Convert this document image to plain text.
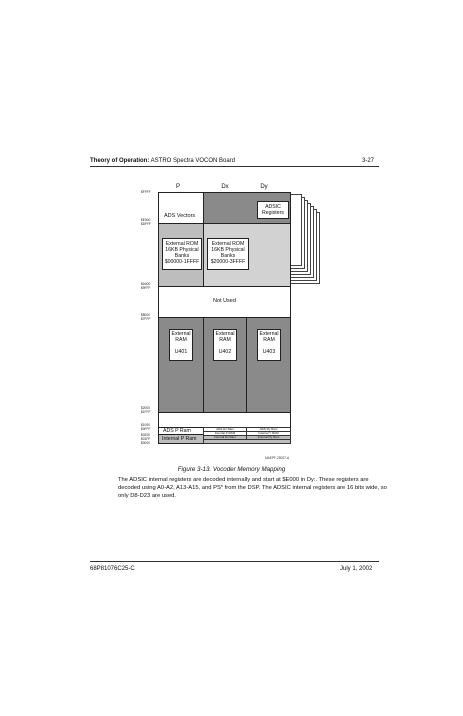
Theory of Operation: ASTRO Spectra VOCON Board	3-27
P	Dx	Dy
$FFFF
$E000
$DFFF
$A000
$9FFF
$8000
$7FFF
$2000
$1FFF
$1000
$0FFF
$0200
$01FF
$0000
ADS Vectors
ADSIC
Registers
External ROM
16KB Physical
Banks
$00000-1FFFF
External ROM
16KB Physical
Banks
$20000-3FFFF
Not Used
External
RAM
U401
External
RAM
U402
External
RAM
U403
ADS P Ram
Internal P Ram
ADS Dx Ram	ADS Dy Ram
Internal X RAM	Internal Y RAM
Internal Dx Ram	Internal Dy Ram
MAEPF-25037-A
Figure 3-13. Vocoder Memory Mapping
The ADSIC internal registers are decoded internally and start at $E000 in Dy:. These registers are decoded using A0-A2, A13-A15, and PS* from the DSP. The ADSIC internal registers are 16 bits wide, so only D8-D23 are used.
68P81076C25-C	July 1, 2002
